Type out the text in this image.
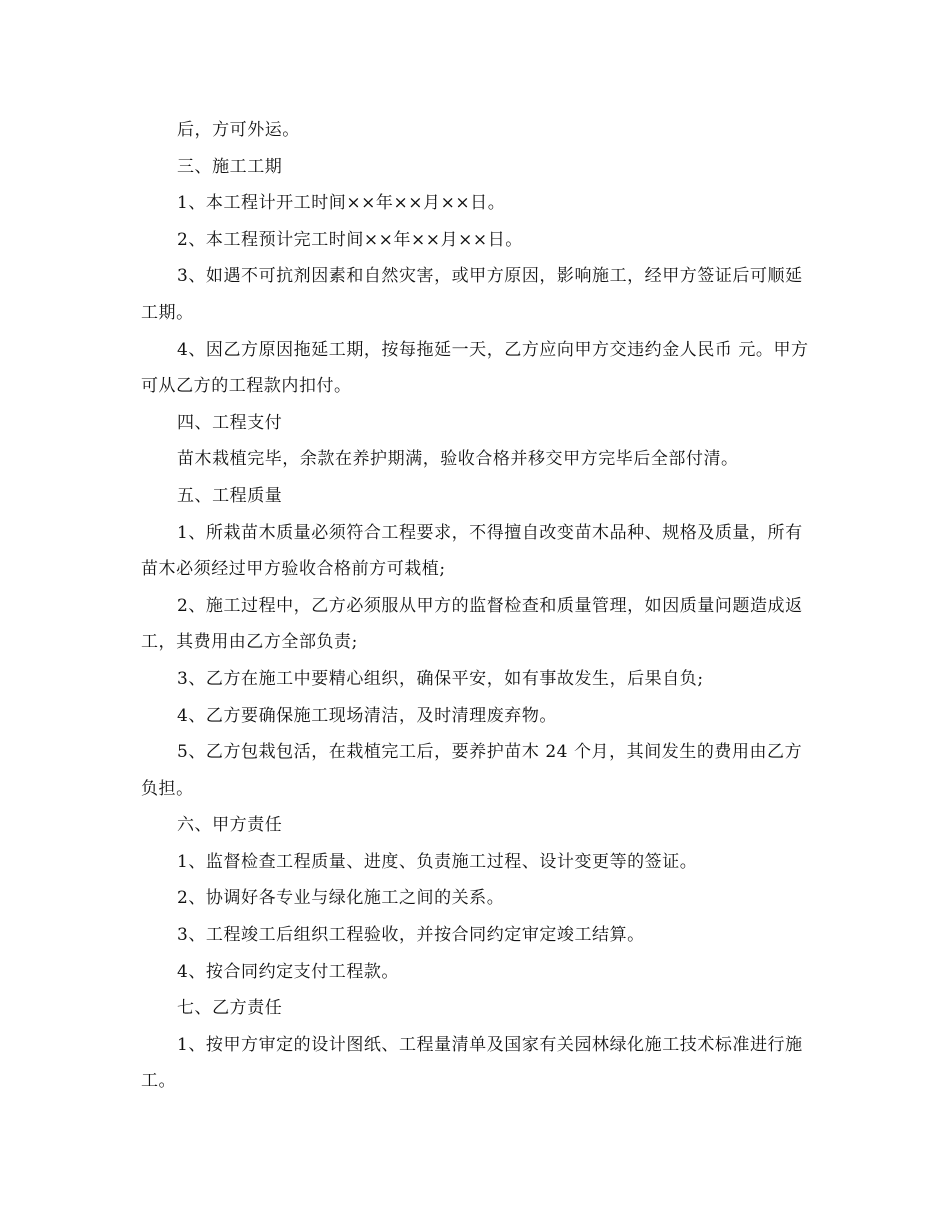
后，方可外运。

三、施工工期

1、本工程计开工时间××年××月××日。

2、本工程预计完工时间××年××月××日。

3、如遇不可抗剂因素和自然灾害，或甲方原因，影响施工，经甲方签证后可顺延工期。

4、因乙方原因拖延工期，按每拖延一天，乙方应向甲方交违约金人民币 元。甲方可从乙方的工程款内扣付。

四、工程支付

苗木栽植完毕，余款在养护期满，验收合格并移交甲方完毕后全部付清。

五、工程质量

1、所栽苗木质量必须符合工程要求，不得擅自改变苗木品种、规格及质量，所有苗木必须经过甲方验收合格前方可栽植;

2、施工过程中，乙方必须服从甲方的监督检查和质量管理，如因质量问题造成返工，其费用由乙方全部负责;

3、乙方在施工中要精心组织，确保平安，如有事故发生，后果自负;

4、乙方要确保施工现场清洁，及时清理废弃物。

5、乙方包栽包活，在栽植完工后，要养护苗木 24 个月，其间发生的费用由乙方负担。

六、甲方责任

1、监督检查工程质量、进度、负责施工过程、设计变更等的签证。

2、协调好各专业与绿化施工之间的关系。

3、工程竣工后组织工程验收，并按合同约定审定竣工结算。

4、按合同约定支付工程款。

七、乙方责任

1、按甲方审定的设计图纸、工程量清单及国家有关园林绿化施工技术标准进行施工。
